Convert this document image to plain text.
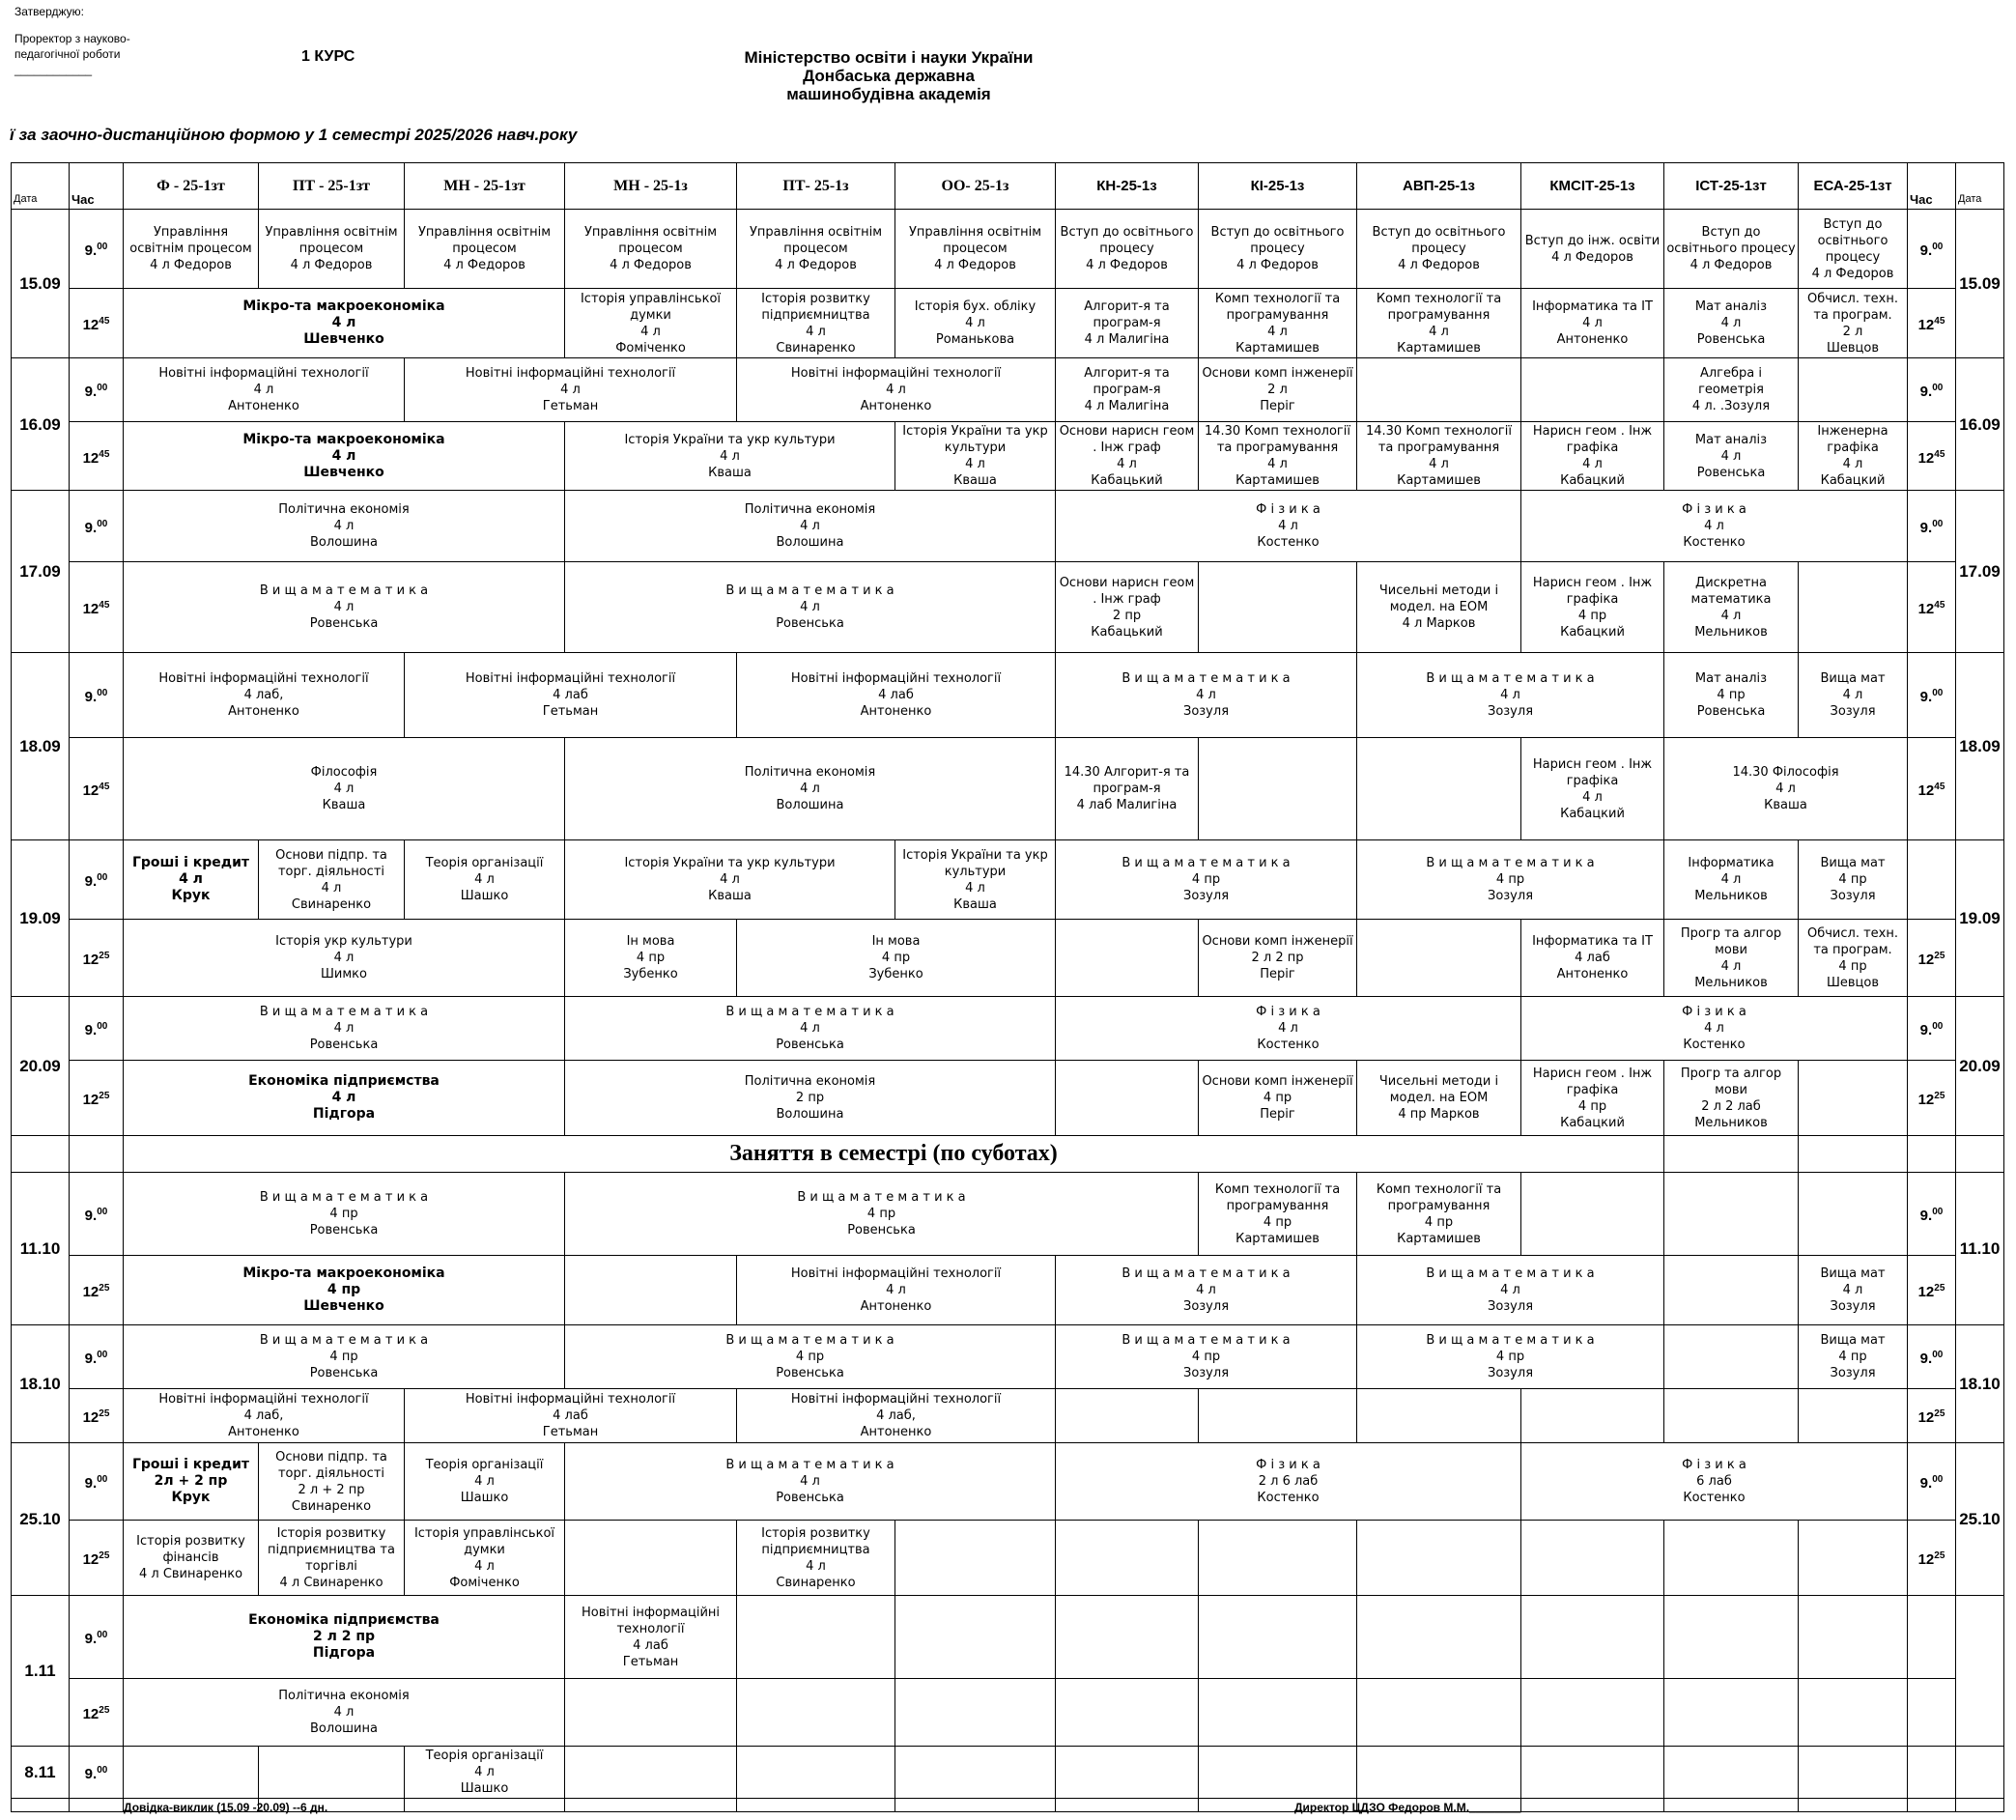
Затверджую:
Проректор з науково-
педагогічної роботи
____________
1 КУРС	Міністерство освіти і науки України
Донбаська державна
машинобудівна академія
ї за заочно-дистанційною формою у 1 семестрі 2025/2026 навч.року
Дата	Час	Ф - 25-1зт	ПТ - 25-1зт	МН - 25-1зт	МН - 25-1з	ПТ- 25-1з	ОО- 25-1з	КН-25-1з	КІ-25-1з	АВП-25-1з	КМСІТ-25-1з	ІСТ-25-1зт	ЕСА-25-1зт	Час	Дата
15.09	9.00	Управління освітнім процесом
4 л Федоров	Управління освітнім процесом
4 л Федоров	Управління освітнім процесом
4 л Федоров	Управління освітнім процесом
4 л Федоров	Управління освітнім процесом
4 л Федоров	Управління освітнім процесом
4 л Федоров	Вступ до освітнього процесу
4 л Федоров	Вступ до освітнього процесу
4 л Федоров	Вступ до освітнього процесу
4 л Федоров	Вступ до інж. освіти
4 л Федоров	Вступ до освітнього процесу
4 л Федоров	Вступ до освітнього процесу
4 л Федоров	9.00	15.09
	$12^{45}$	Мікро-та макроекономіка
4 л
Шевченко			Історія управлінської думки
4 л
Фоміченко	Історія розвитку підприємництва
4 л
Свинаренко	Історія бух. обліку
4 л
Романькова	Алгорит-я та програм-я
4 л Малигіна	Комп технології та програмування
4 л
Картамишев	Комп технології та програмування
4 л
Картамишев	Інформатика та ІТ
4 л
Антоненко	Мат аналіз
4 л
Ровенська	Обчисл. техн. та програм.
2 л
Шевцов	$12^{45}$
16.09	9.00	Новітні інформаційні технології
4 л
Антоненко		Новітні інформаційні технології
4 л
Гетьман		Новітні інформаційні технології
4 л
Антоненко		Алгорит-я та програм-я
4 л Малигіна	Основи комп інженерії
2 л
Періг			Алгебра і геометрія
4 л. .Зозуля		9.00	16.09
	$12^{45}$	Мікро-та макроекономіка
4 л
Шевченко			Історія України та укр культури
4 л
Кваша		Історія України та укр культури
4 л
Кваша	Основи нарисн геом . Інж граф
4 л
Кабацький	14.30 Комп технології та програмування
4 л
Картамишев	14.30 Комп технології та програмування
4 л
Картамишев	Нарисн геом . Інж графіка
4 л
Кабацкий	Мат аналіз
4 л
Ровенська	Інженерна графіка
4 л
Кабацкий	$12^{45}$
17.09	9.00	Політична економія
4 л
Волошина			Політична економія
4 л
Волошина			Ф і з и к а
4 л
Костенко			Ф і з и к а
4 л
Костенко			9.00	17.09
	$12^{45}$	В и щ а м а т е м а т и к а
4 л
Ровенська			В и щ а м а т е м а т и к а
4 л
Ровенська			Основи нарисн геом . Інж граф
2 пр
Кабацький		Чисельні методи і модел. на ЕОМ
4 л Марков	Нарисн геом . Інж графіка
4 пр
Кабацкий	Дискретна математика
4 л
Мельников		$12^{45}$
18.09	9.00	Новітні інформаційні технології
4 лаб,
Антоненко		Новітні інформаційні технології
4 лаб
Гетьман		Новітні інформаційні технології
4 лаб
Антоненко		В и щ а м а т е м а т и к а
4 л
Зозуля		В и щ а м а т е м а т и к а
4 л
Зозуля		Мат аналіз
4 пр
Ровенська	Вища мат
4 л
Зозуля	9.00	18.09
	$12^{45}$	Філософія
4 л
Кваша			Політична економія
4 л
Волошина			14.30 Алгорит-я та програм-я
4 лаб Малигіна			Нарисн геом . Інж графіка
4 л
Кабацкий	14.30 Філософія
4 л
Кваша		$12^{45}$
19.09	9.00	Гроші і кредит
4 л
Крук	Основи підпр. та торг. діяльності
4 л
Свинаренко	Теорія організації
4 л
Шашко	Історія України та укр культури
4 л
Кваша		Історія України та укр культури
4 л
Кваша	В и щ а м а т е м а т и к а
4 пр
Зозуля		В и щ а м а т е м а т и к а
4 пр
Зозуля		Інформатика
4 л
Мельников	Вища мат
4 пр
Зозуля		19.09
	$12^{25}$	Історія укр культури
4 л
Шимко			Ін мова
4 пр
Зубенко	Ін мова
4 пр
Зубенко			Основи комп інженерії
2 л 2 пр
Періг		Інформатика та ІТ
4 лаб
Антоненко	Прогр та алгор мови
4 л
Мельников	Обчисл. техн. та програм.
4 пр
Шевцов	$12^{25}$
20.09	9.00	В и щ а м а т е м а т и к а
4 л
Ровенська			В и щ а м а т е м а т и к а
4 л
Ровенська			Ф і з и к а
4 л
Костенко			Ф і з и к а
4 л
Костенко			9.00	20.09
	$12^{25}$	Економіка підприємства
4 л
Підгора			Політична економія
2 пр
Волошина				Основи комп інженерії
4 пр
Періг	Чисельні методи і модел. на ЕОМ
4 пр Марков	Нарисн геом . Інж графіка
4 пр
Кабацкий	Прогр та алгор мови
2 л 2 лаб
Мельников		$12^{25}$
		Заняття в семестрі (по суботах)													
11.10	9.00	В и щ а м а т е м а т и к а
4 пр
Ровенська			В и щ а м а т е м а т и к а
4 пр
Ровенська				Комп технології та програмування
4 пр
Картамишев	Комп технології та програмування
4 пр
Картамишев				9.00	11.10
	$12^{25}$	Мікро-та макроекономіка
4 пр
Шевченко				Новітні інформаційні технології
4 л
Антоненко		В и щ а м а т е м а т и к а
4 л
Зозуля		В и щ а м а т е м а т и к а
4 л
Зозуля			Вища мат
4 л
Зозуля	$12^{25}$
18.10	9.00	В и щ а м а т е м а т и к а
4 пр
Ровенська			В и щ а м а т е м а т и к а
4 пр
Ровенська			В и щ а м а т е м а т и к а
4 пр
Зозуля		В и щ а м а т е м а т и к а
4 пр
Зозуля			Вища мат
4 пр
Зозуля	9.00	18.10
	$12^{25}$	Новітні інформаційні технології
4 лаб,
Антоненко		Новітні інформаційні технології
4 лаб
Гетьман		Новітні інформаційні технології
4 лаб,
Антоненко								$12^{25}$
25.10	9.00	Гроші і кредит
2л + 2 пр
Крук	Основи підпр. та торг. діяльності
2 л + 2 пр
Свинаренко	Теорія організації
4 л
Шашко	В и щ а м а т е м а т и к а
4 л
Ровенська			Ф і з и к а
2 л 6 лаб
Костенко			Ф і з и к а
6 лаб
Костенко			9.00	25.10
	$12^{25}$	Історія розвитку фінансів
4 л Свинаренко	Історія розвитку підприємництва та торгівлі
4 л Свинаренко	Історія управлінської думки
4 л
Фоміченко		Історія розвитку підприємництва
4 л
Свинаренко								$12^{25}$
1.11	9.00	Економіка підприємства
2 л 2 пр
Підгора			Новітні інформаційні технології
4 лаб
Гетьман										
	$12^{25}$	Політична економія
4 л
Волошина													
8.11	9.00			Теорія організації
4 л
Шашко											

Довідка-виклик (15.09 -20.09) --6 дн.	Директор ЦДЗО Федоров М.М.________
